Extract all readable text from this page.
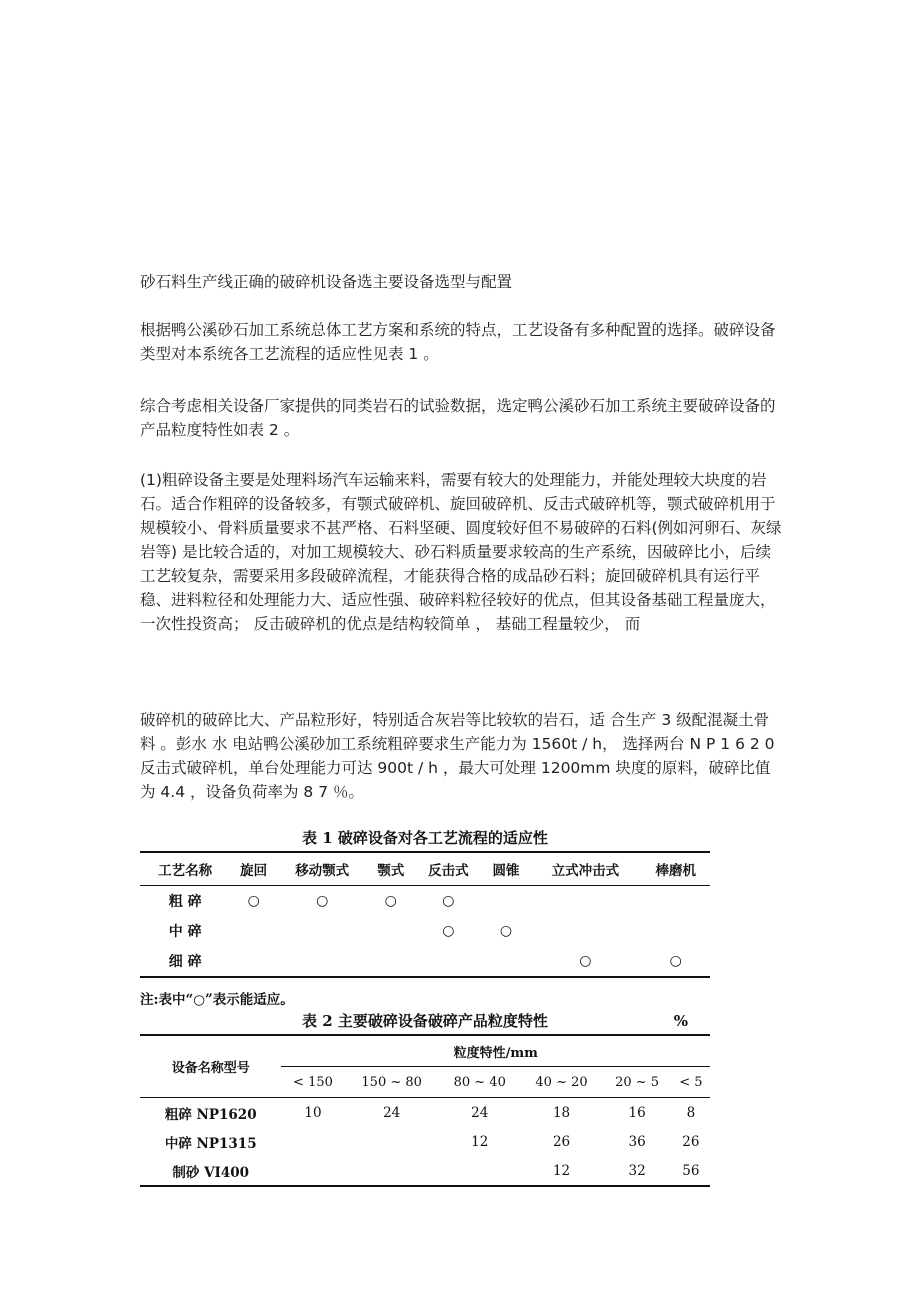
砂石料生产线正确的破碎机设备选主要设备选型与配置
根据鸭公溪砂石加工系统总体工艺方案和系统的特点，工艺设备有多种配置的选择。破碎设备类型对本系统各工艺流程的适应性见表 1 。
综合考虑相关设备厂家提供的同类岩石的试验数据，选定鸭公溪砂石加工系统主要破碎设备的产品粒度特性如表 2 。
(1)粗碎设备主要是处理料场汽车运输来料，需要有较大的处理能力，并能处理较大块度的岩石。适合作粗碎的设备较多，有颚式破碎机、旋回破碎机、反击式破碎机等，颚式破碎机用于规模较小、骨料质量要求不甚严格、石料坚硬、圆度较好但不易破碎的石料(例如河卵石、灰绿岩等) 是比较合适的，对加工规模较大、砂石料质量要求较高的生产系统，因破碎比小，后续工艺较复杂，需要采用多段破碎流程，才能获得合格的成品砂石料；旋回破碎机具有运行平稳、进料粒径和处理能力大、适应性强、破碎料粒径较好的优点，但其设备基础工程量庞大，一次性投资高； 反击破碎机的优点是结构较简单 ， 基础工程量较少， 而
破碎机的破碎比大、产品粒形好，特别适合灰岩等比较软的岩石，适 合生产 3 级配混凝土骨料 。彭水 水 电站鸭公溪砂加工系统粗碎要求生产能力为 1560t / h， 选择两台 N P 1 6 2 0 反击式破碎机，单台处理能力可达 900t / h ，最大可处理 1200mm 块度的原料，破碎比值为 4.4 ，设备负荷率为 8 7 ％。
表 1 破碎设备对各工艺流程的适应性
工艺名称	旋回	移动颚式	颚式	反击式	圆锥	立式冲击式	棒磨机
粗 碎	○	○	○	○			
中 碎				○	○		
细 碎						○	○
注:表中“○”表示能适应。
表 2 主要破碎设备破碎产品粒度特性	%
设备名称型号	粒度特性/mm					
	< 150	150 ~ 80	80 ~ 40	40 ~ 20	20 ~ 5	< 5
粗碎 NP1620	10	24	24	18	16	8
中碎 NP1315			12	26	36	26
制砂 VI400				12	32	56
